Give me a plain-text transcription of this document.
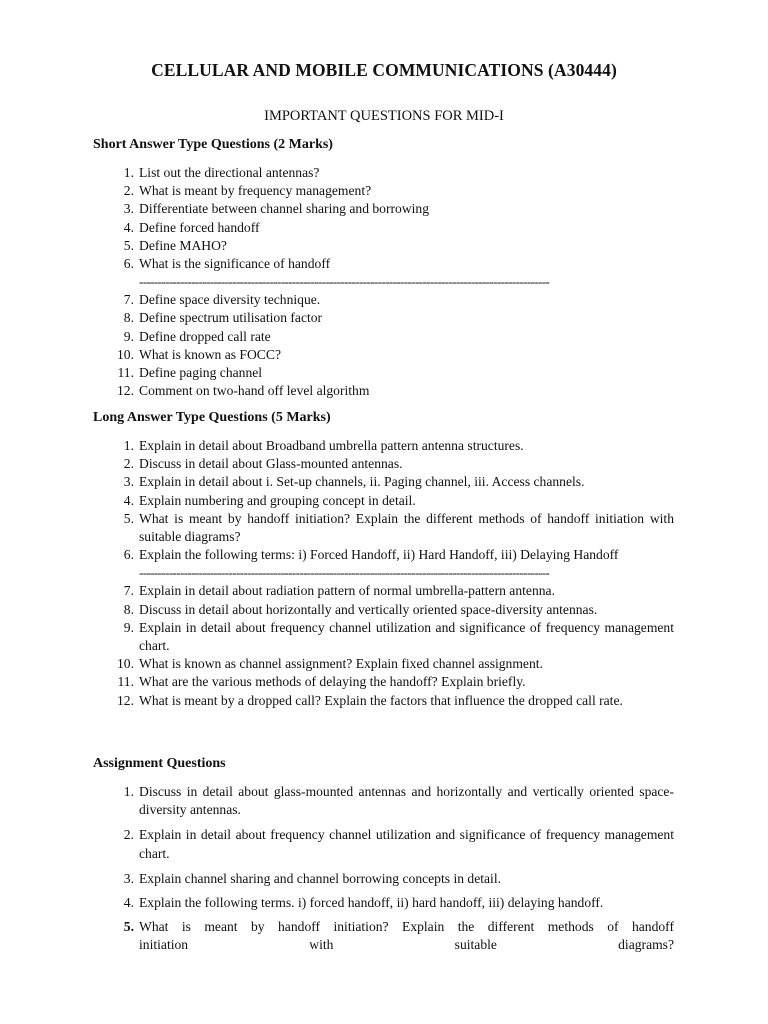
CELLULAR AND MOBILE COMMUNICATIONS (A30444)
IMPORTANT QUESTIONS FOR MID-I
Short Answer Type Questions (2 Marks)
1. List out the directional antennas?
2. What is meant by frequency management?
3. Differentiate between channel sharing and borrowing
4. Define forced handoff
5. Define MAHO?
6. What is the significance of handoff
--------------------------------------------------------------------------------------------------------------
7. Define space diversity technique.
8. Define spectrum utilisation factor
9. Define dropped call rate
10. What is known as FOCC?
11. Define paging channel
12. Comment on two-hand off level algorithm
Long Answer Type Questions (5 Marks)
1. Explain in detail about Broadband umbrella pattern antenna structures.
2. Discuss in detail about Glass-mounted antennas.
3. Explain in detail about i. Set-up channels, ii. Paging channel, iii. Access channels.
4. Explain numbering and grouping concept in detail.
5. What is meant by handoff initiation? Explain the different methods of handoff initiation with suitable diagrams?
6. Explain the following terms: i) Forced Handoff, ii) Hard Handoff, iii) Delaying Handoff
--------------------------------------------------------------------------------------------------------------
7. Explain in detail about radiation pattern of normal umbrella-pattern antenna.
8. Discuss in detail about horizontally and vertically oriented space-diversity antennas.
9. Explain in detail about frequency channel utilization and significance of frequency management chart.
10. What is known as channel assignment? Explain fixed channel assignment.
11. What are the various methods of delaying the handoff? Explain briefly.
12. What is meant by a dropped call? Explain the factors that influence the dropped call rate.
Assignment Questions
1. Discuss in detail about glass-mounted antennas and horizontally and vertically oriented space-diversity antennas.
2. Explain in detail about frequency channel utilization and significance of frequency management chart.
3. Explain channel sharing and channel borrowing concepts in detail.
4. Explain the following terms. i) forced handoff, ii) hard handoff, iii) delaying handoff.
5. What is meant by handoff initiation? Explain the different methods of handoff
initiation with suitable diagrams?
